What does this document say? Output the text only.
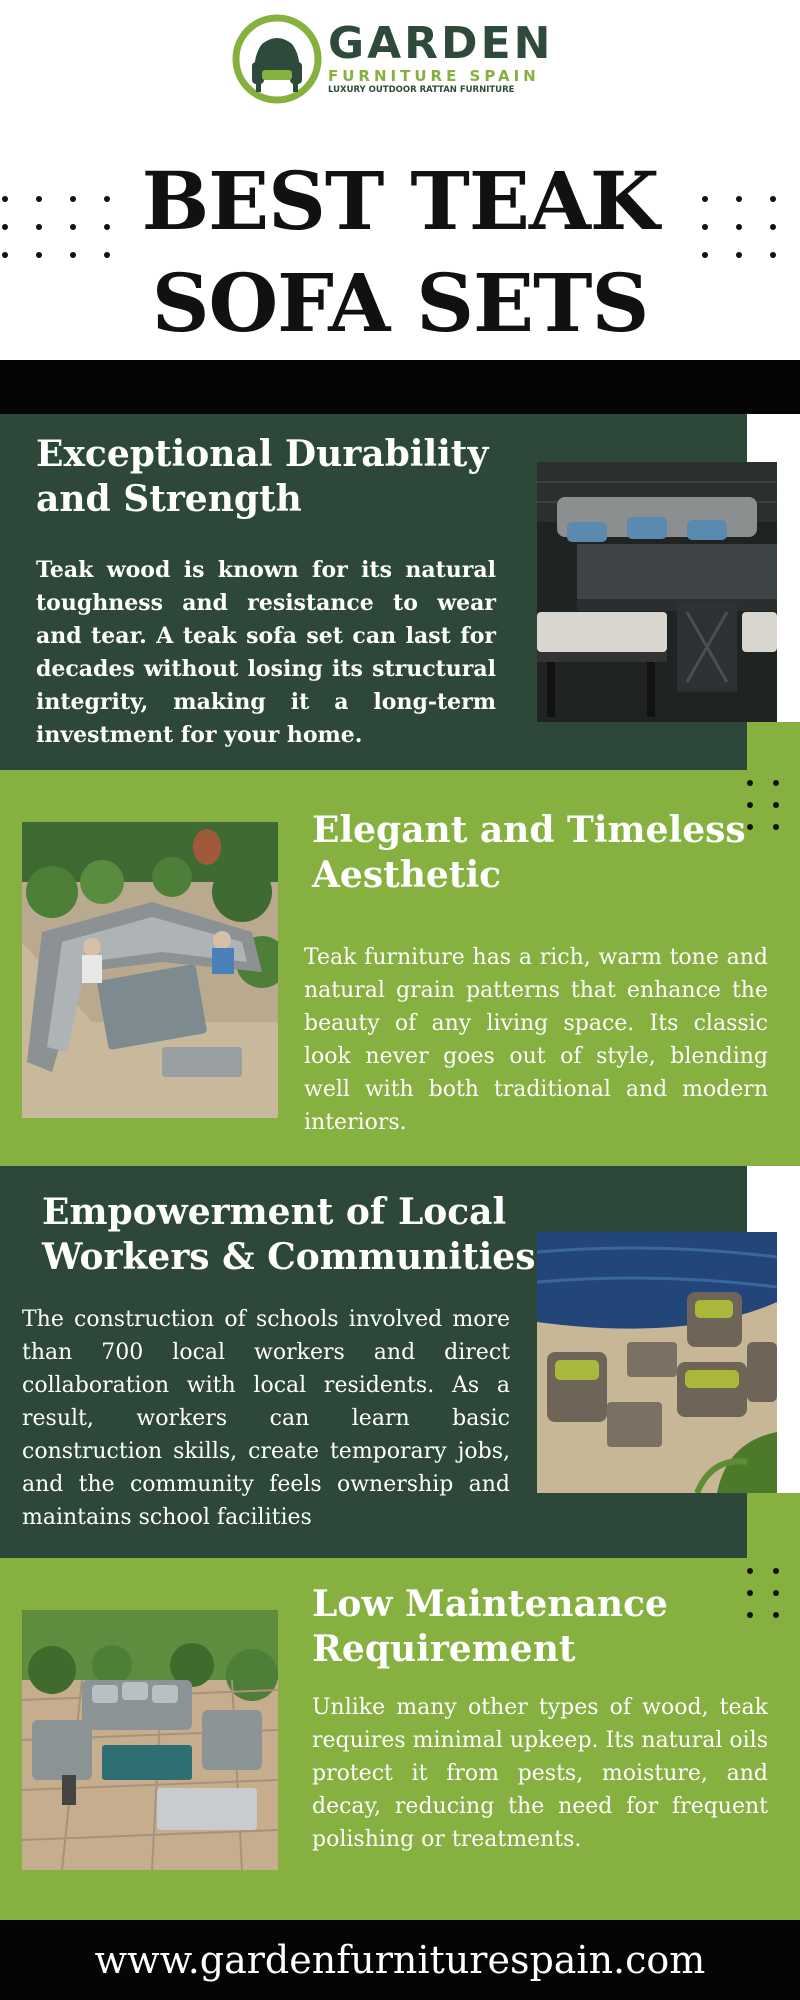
GARDEN
FURNITURE SPAIN
LUXURY OUTDOOR RATTAN FURNITURE
BEST TEAK
SOFA SETS
Exceptional Durability
and Strength
Teak wood is known for its natural toughness and resistance to wear and tear. A teak sofa set can last for decades without losing its structural integrity, making it a long-term investment for your home.
Elegant and Timeless
Aesthetic
Teak furniture has a rich, warm tone and natural grain patterns that enhance the beauty of any living space. Its classic look never goes out of style, blending well with both traditional and modern interiors.
Empowerment of Local
Workers & Communities
The construction of schools involved more than 700 local workers and direct collaboration with local residents. As a result, workers can learn basic construction skills, create temporary jobs, and the community feels ownership and maintains school facilities
Low Maintenance
Requirement
Unlike many other types of wood, teak requires minimal upkeep. Its natural oils protect it from pests, moisture, and decay, reducing the need for frequent polishing or treatments.
www.gardenfurniturespain.com
